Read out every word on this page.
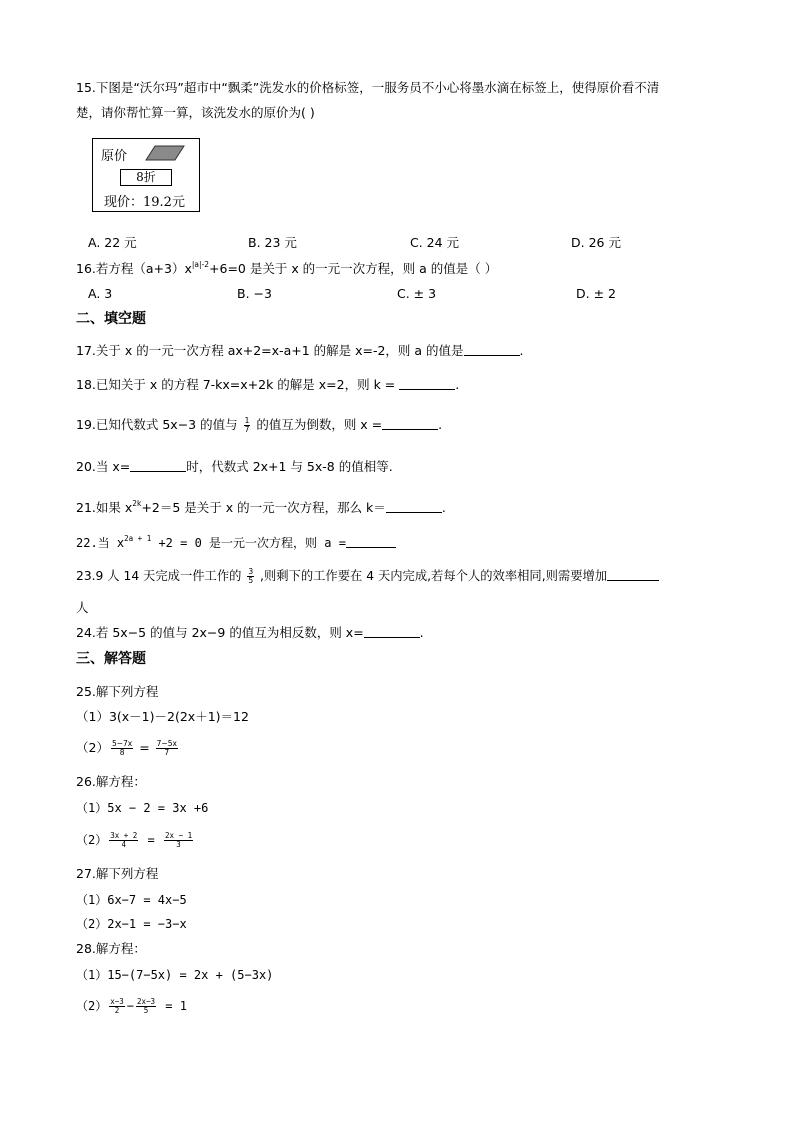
15.下图是“沃尔玛”超市中“飘柔”洗发水的价格标签，一服务员不小心将墨水滴在标签上，使得原价看不清
楚，请你帮忙算一算，该洗发水的原价为( )
原价
8折
现价：19.2元
A. 22 元	B. 23 元	C. 24 元	D. 26 元
16.若方程$(a+3)x^{|a|-2}+6=0$ 是关于 x 的一元一次方程，则 a 的值是（ ）
A. 3	B. −3	C. ± 3	D. ± 2
二、填空题
17.关于 x 的一元一次方程 ax+2=x-a+1 的解是 x=-2，则 a 的值是	.
18.已知关于 x 的方程 7-kx=x+2k 的解是 x=2，则 k =	.
19.已知代数式 5x−3 的值与 $\frac{1}{7}$ 的值互为倒数，则 x =	.
20.当 x=	时，代数式 2x+1 与 5x-8 的值相等.
21.如果 $x^{2k}+2=5$ 是关于 x 的一元一次方程，那么 k＝	.
22.当 $x^{2a + 1} +2 = 0$ 是一元一次方程，则 a =
23.9 人 14 天完成一件工作的 $\frac{3}{5}$ ,则剩下的工作要在 4 天内完成,若每个人的效率相同,则需要增加
人
24.若 5x−5 的值与 2x−9 的值互为相反数，则 x=	.
三、解答题
25.解下列方程
（1）3(x－1)－2(2x＋1)＝12
$(2) \frac{5-7x}{8} = \frac{7-5x}{7}$
26.解方程：
（1）5x − 2 = 3x +6
$(2) \frac{3x + 2}{4} = \frac{2x - 1}{3}$
27.解下列方程
（1）6x−7 = 4x−5
（2）2x−1 = −3−x
28.解方程：
（1）15−(7−5x) = 2x + (5−3x)
$(2) \frac{x-3}{2} - \frac{2x-3}{5} = 1$
